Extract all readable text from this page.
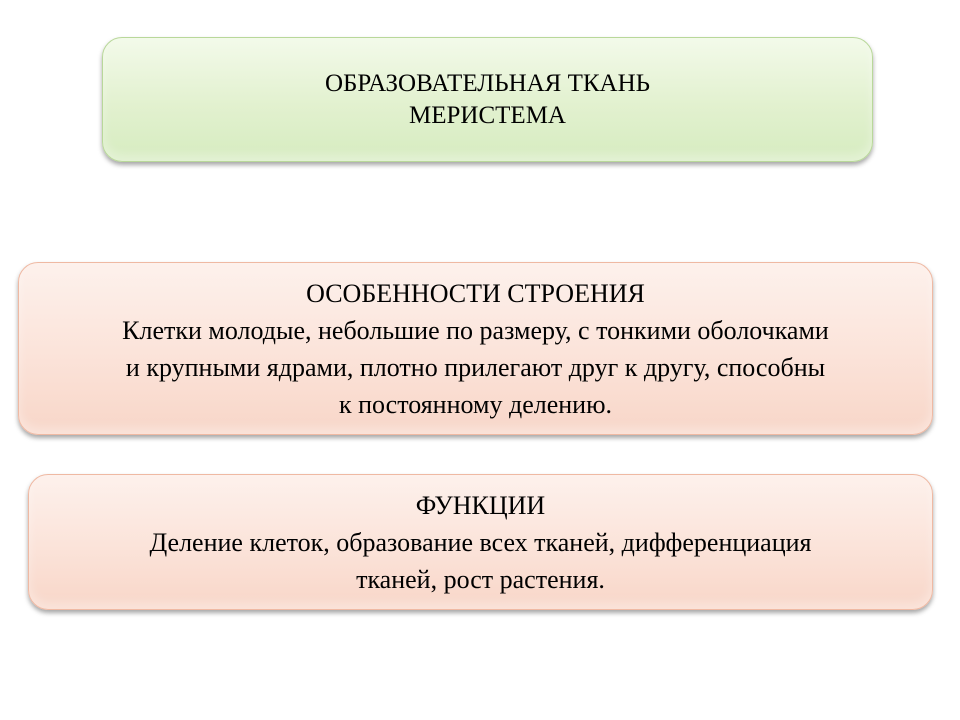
ОБРАЗОВАТЕЛЬНАЯ ТКАНЬ
МЕРИСТЕМА
ОСОБЕННОСТИ СТРОЕНИЯ
Клетки молодые, небольшие по размеру, с тонкими оболочками
и крупными ядрами, плотно прилегают друг к другу, способны
к постоянному делению.
ФУНКЦИИ
Деление клеток, образование всех тканей, дифференциация
тканей, рост растения.
